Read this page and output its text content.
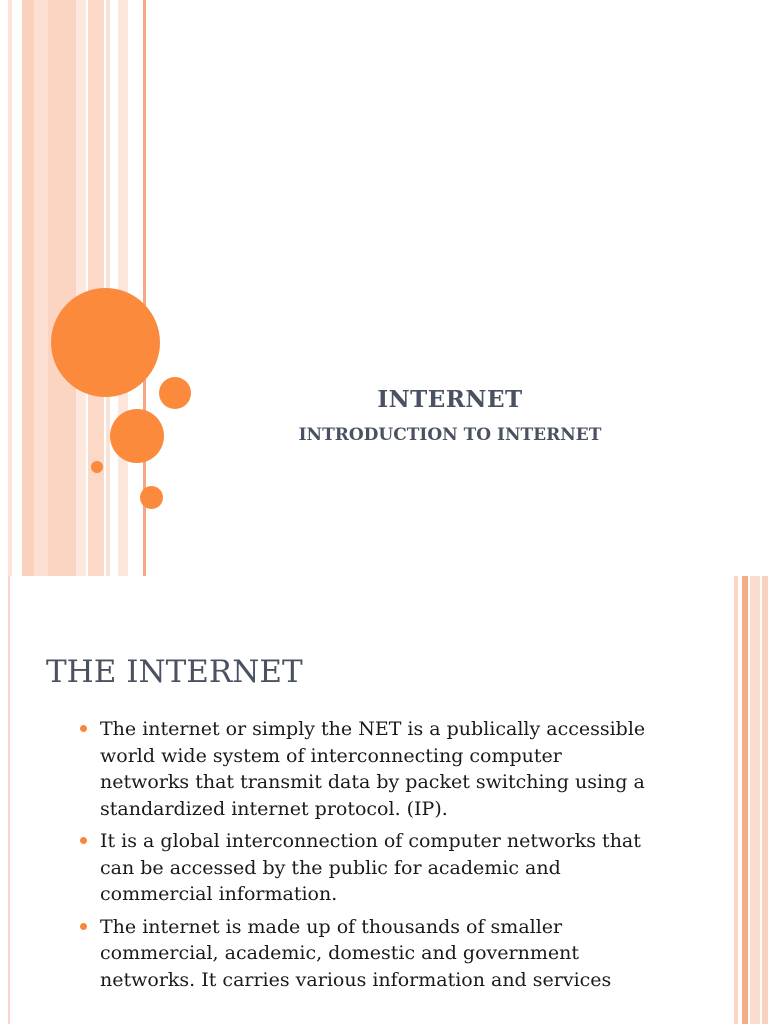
INTERNET
INTRODUCTION TO INTERNET
THE INTERNET
The internet or simply the NET is a publically accessible world wide system of interconnecting computer networks that transmit data by packet switching using a standardized internet protocol. (IP).
It is a global interconnection of computer networks that can be accessed by the public for academic and commercial information.
The internet is made up of thousands of smaller commercial, academic, domestic and government networks. It carries various information and services
